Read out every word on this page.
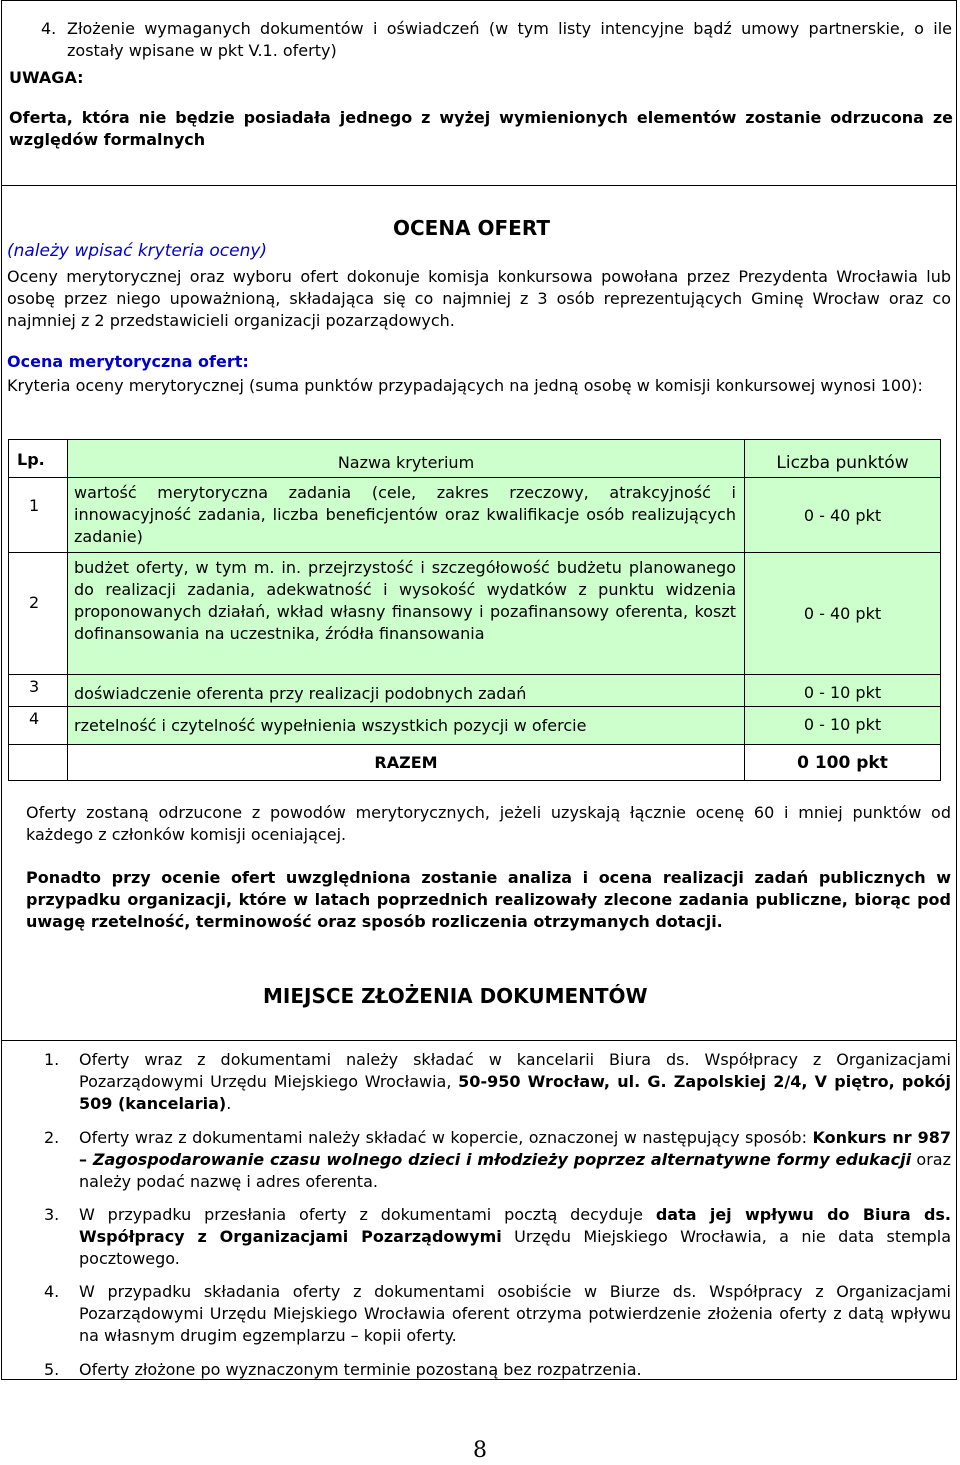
4. Złożenie wymaganych dokumentów i oświadczeń (w tym listy intencyjne bądź umowy partnerskie, o ile zostały wpisane w pkt V.1. oferty)
UWAGA:
Oferta, która nie będzie posiadała jednego z wyżej wymienionych elementów zostanie odrzucona ze względów formalnych
OCENA OFERT
(należy wpisać kryteria oceny)
Oceny merytorycznej oraz wyboru ofert dokonuje komisja konkursowa powołana przez Prezydenta Wrocławia lub osobę przez niego upoważnioną, składająca się co najmniej z 3 osób reprezentujących Gminę Wrocław oraz co najmniej z 2 przedstawicieli organizacji pozarządowych.
Ocena merytoryczna ofert:
Kryteria oceny merytorycznej (suma punktów przypadających na jedną osobę w komisji konkursowej wynosi 100):
Lp.	Nazwa kryterium	Liczba punktów
1	wartość merytoryczna zadania (cele, zakres rzeczowy, atrakcyjność i innowacyjność zadania, liczba beneficjentów oraz kwalifikacje osób realizujących zadanie)	0 - 40 pkt
2	budżet oferty, w tym m. in. przejrzystość i szczegółowość budżetu planowanego do realizacji zadania, adekwatność i wysokość wydatków z punktu widzenia proponowanych działań, wkład własny finansowy i pozafinansowy oferenta, koszt dofinansowania na uczestnika, źródła finansowania	0 - 40 pkt
3	doświadczenie oferenta przy realizacji podobnych zadań	0 - 10 pkt
4	rzetelność i czytelność wypełnienia wszystkich pozycji w ofercie	0 - 10 pkt
	RAZEM	0 100 pkt
Oferty zostaną odrzucone z powodów merytorycznych, jeżeli uzyskają łącznie ocenę 60 i mniej punktów od każdego z członków komisji oceniającej.
Ponadto przy ocenie ofert uwzględniona zostanie analiza i ocena realizacji zadań publicznych w przypadku organizacji, które w latach poprzednich realizowały zlecone zadania publiczne, biorąc pod uwagę rzetelność, terminowość oraz sposób rozliczenia otrzymanych dotacji.
MIEJSCE ZŁOŻENIA DOKUMENTÓW
1. Oferty wraz z dokumentami należy składać w kancelarii Biura ds. Współpracy z Organizacjami Pozarządowymi Urzędu Miejskiego Wrocławia, 50-950 Wrocław, ul. G. Zapolskiej 2/4, V piętro, pokój 509 (kancelaria).
2. Oferty wraz z dokumentami należy składać w kopercie, oznaczonej w następujący sposób: Konkurs nr 987 – Zagospodarowanie czasu wolnego dzieci i młodzieży poprzez alternatywne formy edukacji oraz należy podać nazwę i adres oferenta.
3. W przypadku przesłania oferty z dokumentami pocztą decyduje data jej wpływu do Biura ds. Współpracy z Organizacjami Pozarządowymi Urzędu Miejskiego Wrocławia, a nie data stempla pocztowego.
4. W przypadku składania oferty z dokumentami osobiście w Biurze ds. Współpracy z Organizacjami Pozarządowymi Urzędu Miejskiego Wrocławia oferent otrzyma potwierdzenie złożenia oferty z datą wpływu na własnym drugim egzemplarzu – kopii oferty.
5. Oferty złożone po wyznaczonym terminie pozostaną bez rozpatrzenia.
8
